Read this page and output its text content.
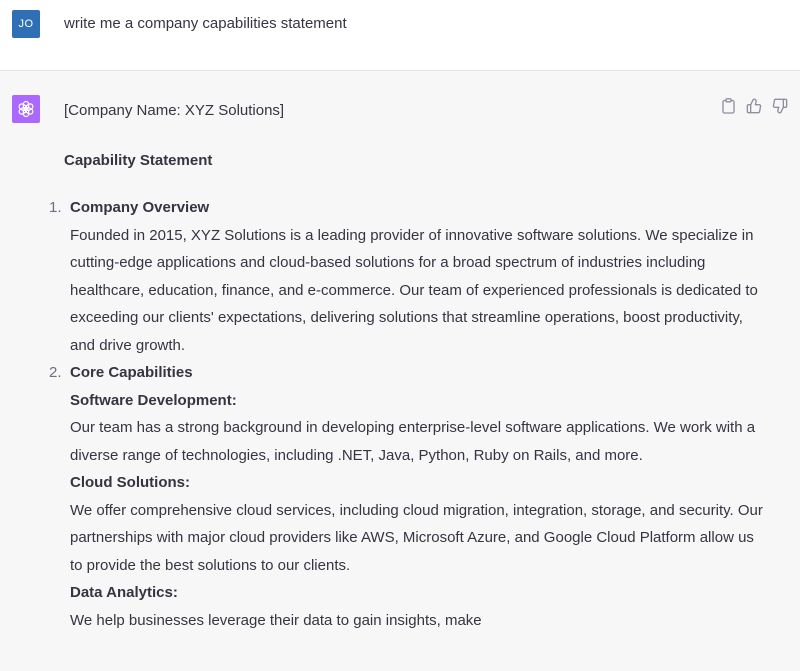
JO	write me a company capabilities statement

[Company Name: XYZ Solutions]

Capability Statement
1. Company Overview

Founded in 2015, XYZ Solutions is a leading provider of innovative software solutions. We specialize in cutting-edge applications and cloud-based solutions for a broad spectrum of industries including healthcare, education, finance, and e-commerce. Our team of experienced professionals is dedicated to exceeding our clients' expectations, delivering solutions that streamline operations, boost productivity, and drive growth.

2. Core Capabilities
Software Development:

Our team has a strong background in developing enterprise-level software applications. We work with a diverse range of technologies, including .NET, Java, Python, Ruby on Rails, and more.

Cloud Solutions:

We offer comprehensive cloud services, including cloud migration, integration, storage, and security. Our partnerships with major cloud providers like AWS, Microsoft Azure, and Google Cloud Platform allow us to provide the best solutions to our clients.

Data Analytics:

We help businesses leverage their data to gain insights, make
